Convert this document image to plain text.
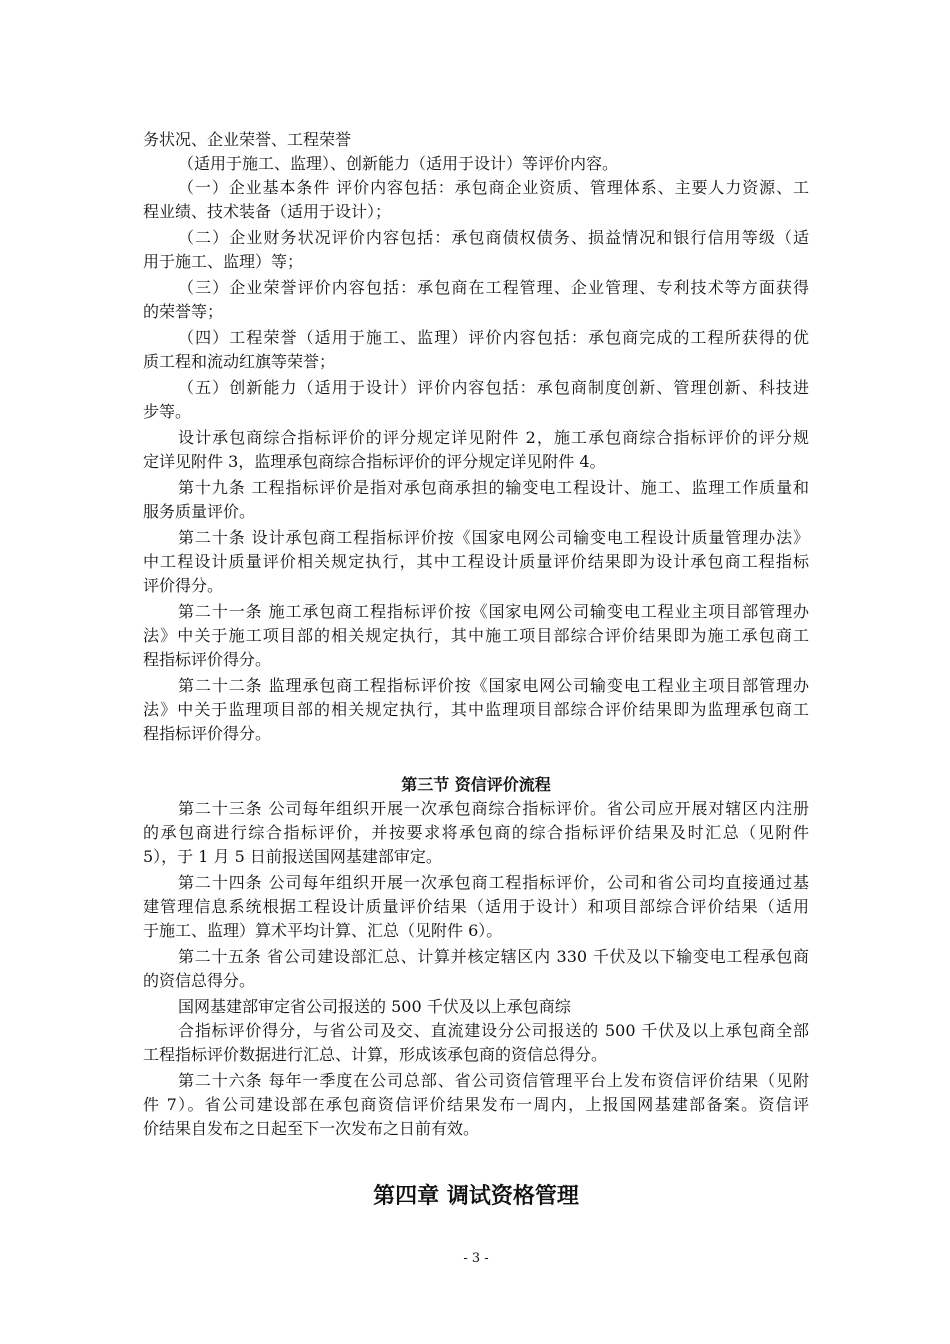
务状况、企业荣誉、工程荣誉
（适用于施工、监理）、创新能力（适用于设计）等评价内容。
（一）企业基本条件 评价内容包括：承包商企业资质、管理体系、主要人力资源、工
程业绩、技术装备（适用于设计）；
（二）企业财务状况评价内容包括：承包商债权债务、损益情况和银行信用等级（适
用于施工、监理）等；
（三）企业荣誉评价内容包括：承包商在工程管理、企业管理、专利技术等方面获得
的荣誉等；
（四）工程荣誉（适用于施工、监理）评价内容包括：承包商完成的工程所获得的优
质工程和流动红旗等荣誉；
（五）创新能力（适用于设计）评价内容包括：承包商制度创新、管理创新、科技进
步等。
设计承包商综合指标评价的评分规定详见附件 2，施工承包商综合指标评价的评分规
定详见附件 3，监理承包商综合指标评价的评分规定详见附件 4。
第十九条 工程指标评价是指对承包商承担的输变电工程设计、施工、监理工作质量和
服务质量评价。
第二十条 设计承包商工程指标评价按《国家电网公司输变电工程设计质量管理办法》
中工程设计质量评价相关规定执行，其中工程设计质量评价结果即为设计承包商工程指标
评价得分。
第二十一条 施工承包商工程指标评价按《国家电网公司输变电工程业主项目部管理办
法》中关于施工项目部的相关规定执行，其中施工项目部综合评价结果即为施工承包商工
程指标评价得分。
第二十二条 监理承包商工程指标评价按《国家电网公司输变电工程业主项目部管理办
法》中关于监理项目部的相关规定执行，其中监理项目部综合评价结果即为监理承包商工
程指标评价得分。
第三节 资信评价流程
第二十三条 公司每年组织开展一次承包商综合指标评价。省公司应开展对辖区内注册
的承包商进行综合指标评价，并按要求将承包商的综合指标评价结果及时汇总（见附件
5），于 1 月 5 日前报送国网基建部审定。
第二十四条 公司每年组织开展一次承包商工程指标评价，公司和省公司均直接通过基
建管理信息系统根据工程设计质量评价结果（适用于设计）和项目部综合评价结果（适用
于施工、监理）算术平均计算、汇总（见附件 6）。
第二十五条 省公司建设部汇总、计算并核定辖区内 330 千伏及以下输变电工程承包商
的资信总得分。
国网基建部审定省公司报送的 500 千伏及以上承包商综
合指标评价得分，与省公司及交、直流建设分公司报送的 500 千伏及以上承包商全部
工程指标评价数据进行汇总、计算，形成该承包商的资信总得分。
第二十六条 每年一季度在公司总部、省公司资信管理平台上发布资信评价结果（见附
件 7）。省公司建设部在承包商资信评价结果发布一周内，上报国网基建部备案。资信评
价结果自发布之日起至下一次发布之日前有效。
第四章 调试资格管理
- 3 -
